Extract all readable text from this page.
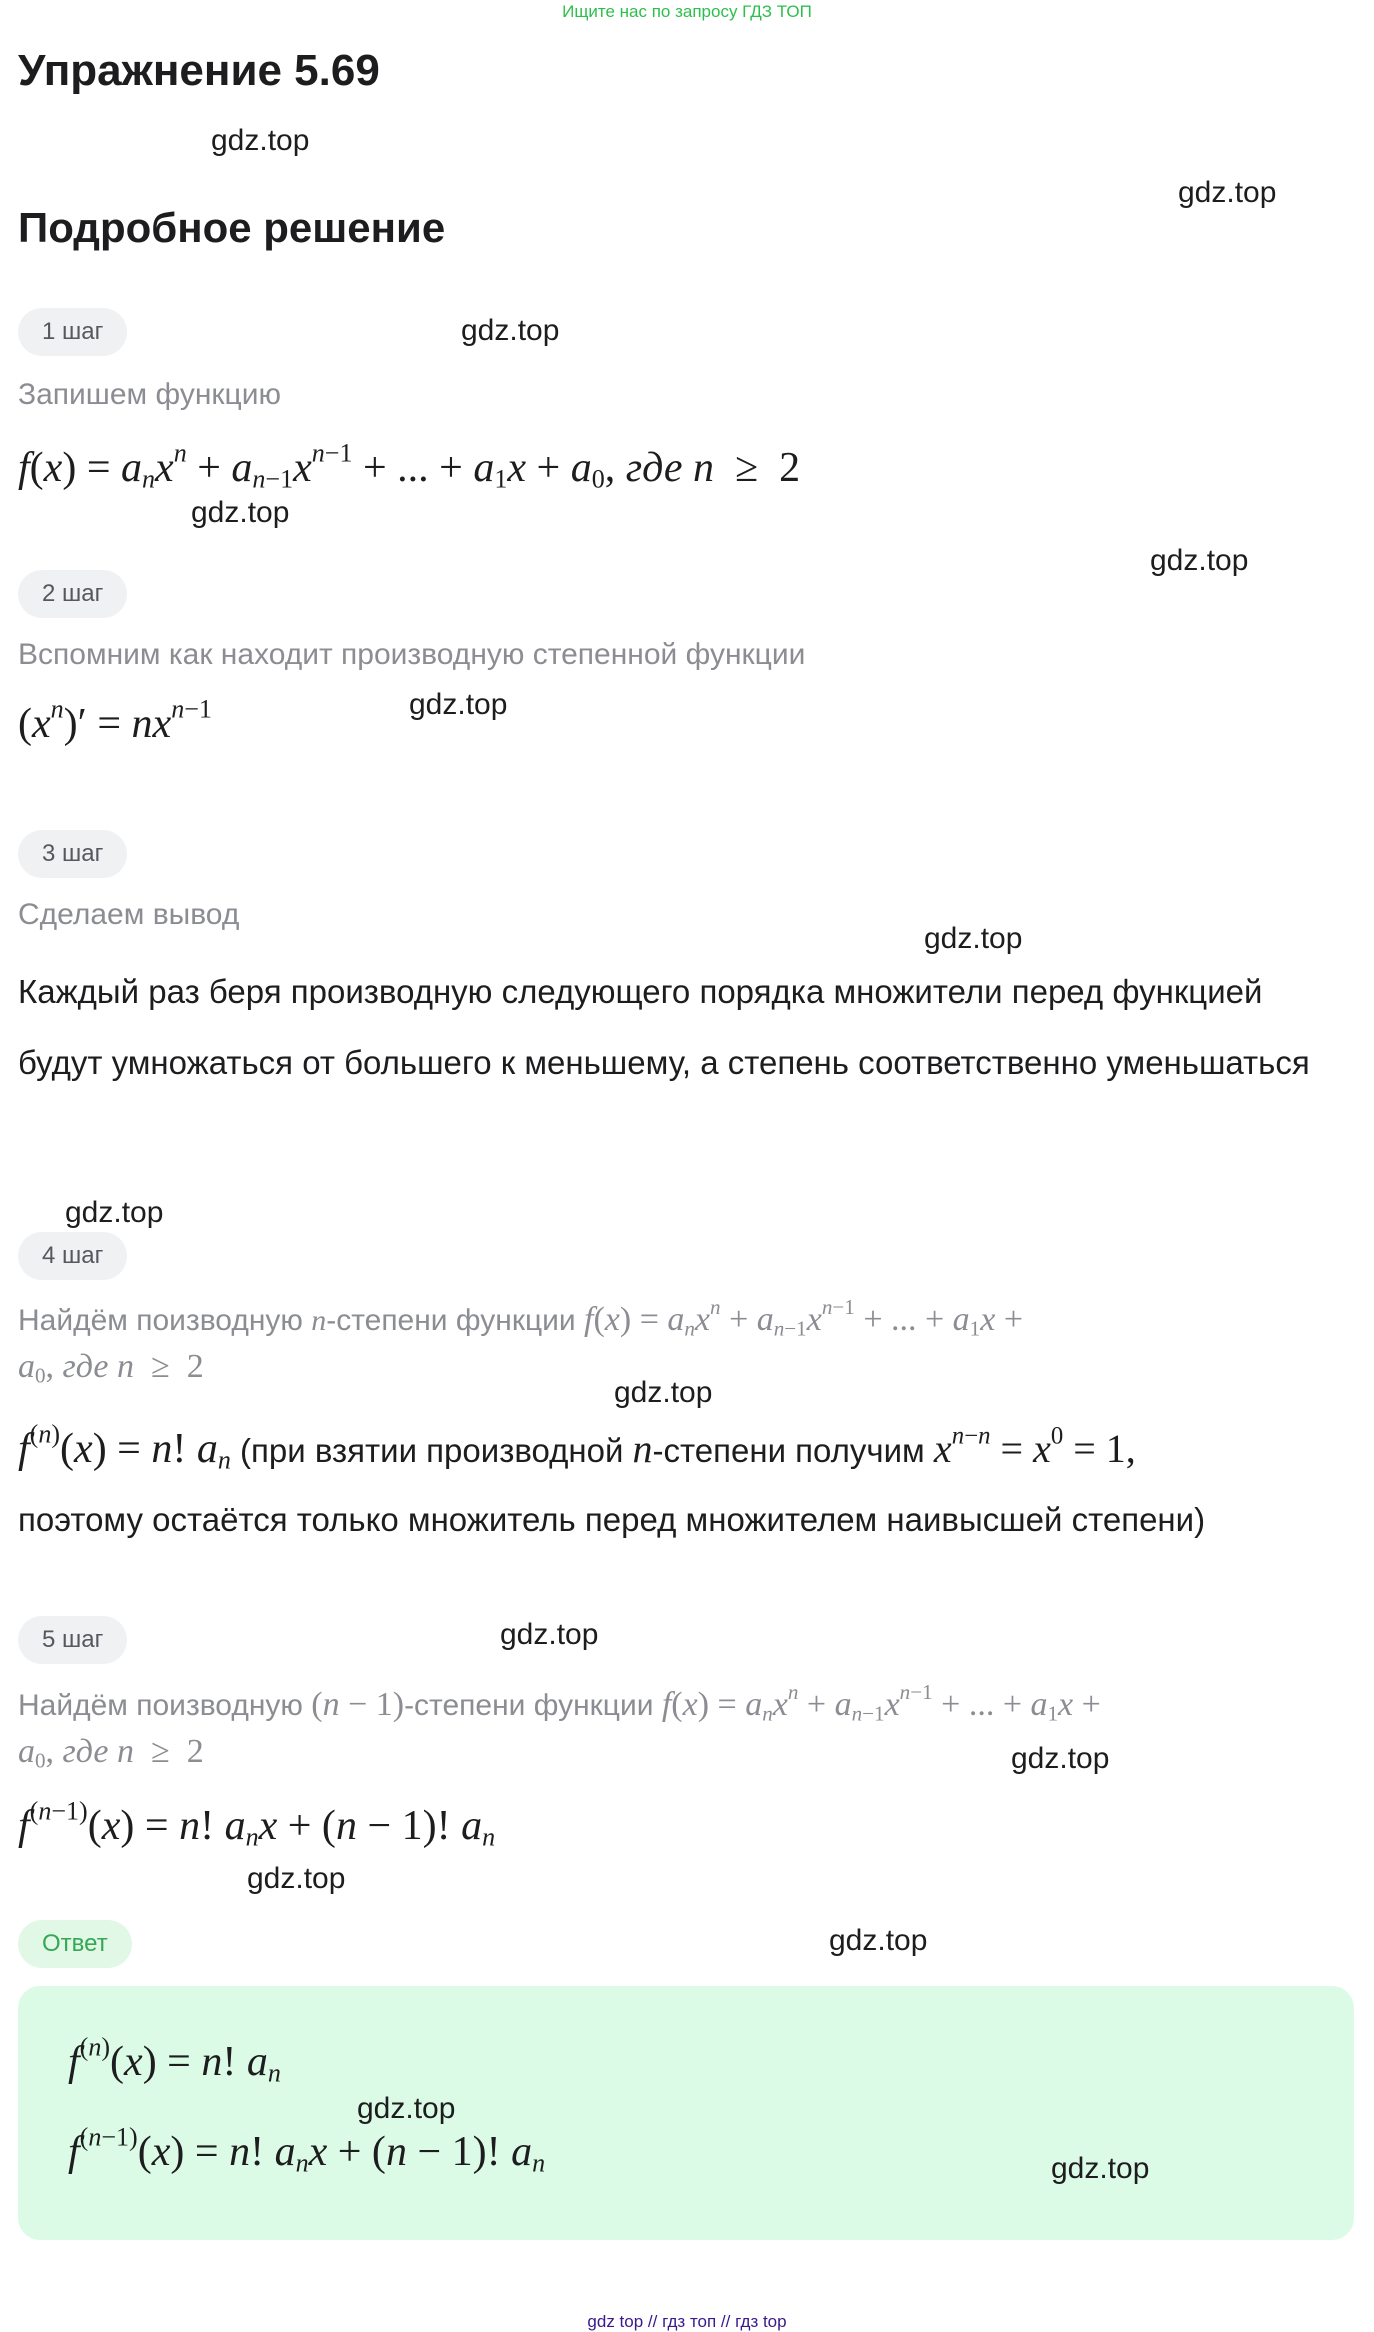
Ищите нас по запросу ГДЗ ТОП
Упражнение 5.69
Подробное решение
1 шаг
Запишем функцию
$f(x) = a_nx^n + a_{n-1}x^{n-1}$ + ... + $a_1x + a_0$, где n  ≥  2
2 шаг
Вспомним как находит производную степенной функции
$(x^n)' = nx^{n-1}$
3 шаг
Сделаем вывод
Каждый раз беря производную следующего порядка множители перед функцией будут умножаться от большего к меньшему, а степень соответственно уменьшаться
4 шаг
Найдём поизводную n-степени функции $f(x) = a_nx^n + a_{n-1}x^{n-1}$ + ... + $a_1x$ +
$a_0$, где n  ≥  2
$f^{(n)}(x) = n$! $a_n$ (при взятии производной n-степени получим $x^{n-n} = x^0 = 1$,
поэтому остаётся только множитель перед множителем наивысшей степени)
5 шаг
Найдём поизводную (n − 1)-степени функции $f(x) = a_nx^n + a_{n-1}x^{n-1}$ + ... + $a_1x$ +
$a_0$, где n  ≥  2
$f^{(n-1)}(x) = n$! $a_nx + (n - 1)$! $a_n$
Ответ
$f^{(n)}(x) = n$! $a_n$
$f^{(n-1)}(x) = n$! $a_nx + (n - 1)$! $a_n$
gdz.top
gdz.top
gdz.top
gdz.top
gdz.top
gdz.top
gdz.top
gdz.top
gdz.top
gdz.top
gdz.top
gdz.top
gdz.top
gdz.top
gdz.top
gdz top // гдз топ // гдз top
